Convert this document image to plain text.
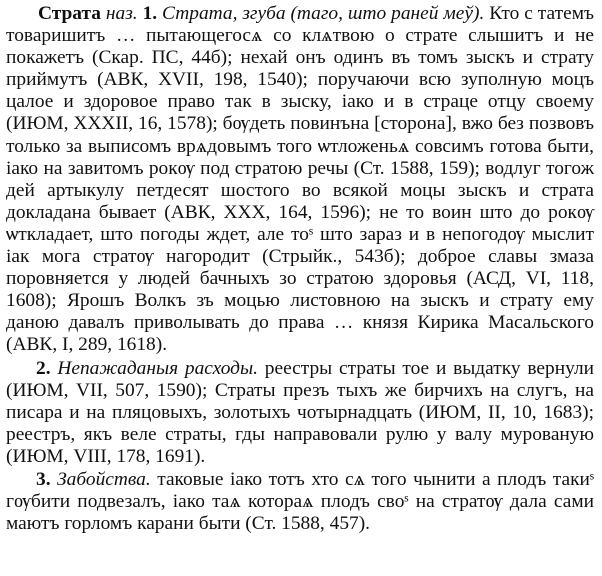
Страта наз. 1. Страта, згуба (таго, што раней меў). Кто с татемъ товаришитъ … пытающегосѧ со клѧтвою о страте слышитъ и не покажетъ (Скар. ПС, 44б); нехай онъ одинъ въ томъ зыскъ и страту приймутъ (АВК, XVII, 198, 1540); поручаючи всю зуполную моцъ цалое и здоровое право так в зыску, іако и в страце отцу своему (ИЮМ, XXXII, 16, 1578); бѹдеть повинъна [сторона], вжо без позвовъ только за выписомъ врѧдовымъ того ѡтложеньѧ совсимъ готова быти, іако на завитомъ рокѹ под стратою речы (Ст. 1588, 159); водлуг тогож дей артыкулу петдесят шостого во всякой моцы зыскъ и страта докладана бывает (АВК, XXX, 164, 1596); не то воин што до рокѹ ѡткладает, што погоды ждет, але тоˢ што зараз и в непогодѹ мыслит іак мога стратѹ нагородит (Стрыйк., 543б); доброе славы змаза поровняется у людей бачныхъ зо стратою здоровья (АСД, VI, 118, 1608); Ярошъ Волкъ зъ моцью листовною на зыскъ и страту ему даною давалъ приволывать до права … князя Кирика Масальского (АВК, I, 289, 1618).

2. Непажаданыя расходы. реестры страты тое и выдатку вернули (ИЮМ, VII, 507, 1590); Страты презъ тыхъ же бирчихъ на слугъ, на писара и на пляцовыхъ, золотыхъ чотырнадцать (ИЮМ, II, 10, 1683); реестръ, якъ веле страты, гды направовали рулю у валу мурованую (ИЮМ, VIII, 178, 1691).

3. Забойства. таковые іако тотъ хто сѧ того чынити а плодъ такиˢ гѹбити подвезалъ, іако таѧ котораѧ плодъ своˢ на стратѹ дала сами маютъ горломъ карани быти (Ст. 1588, 457).
